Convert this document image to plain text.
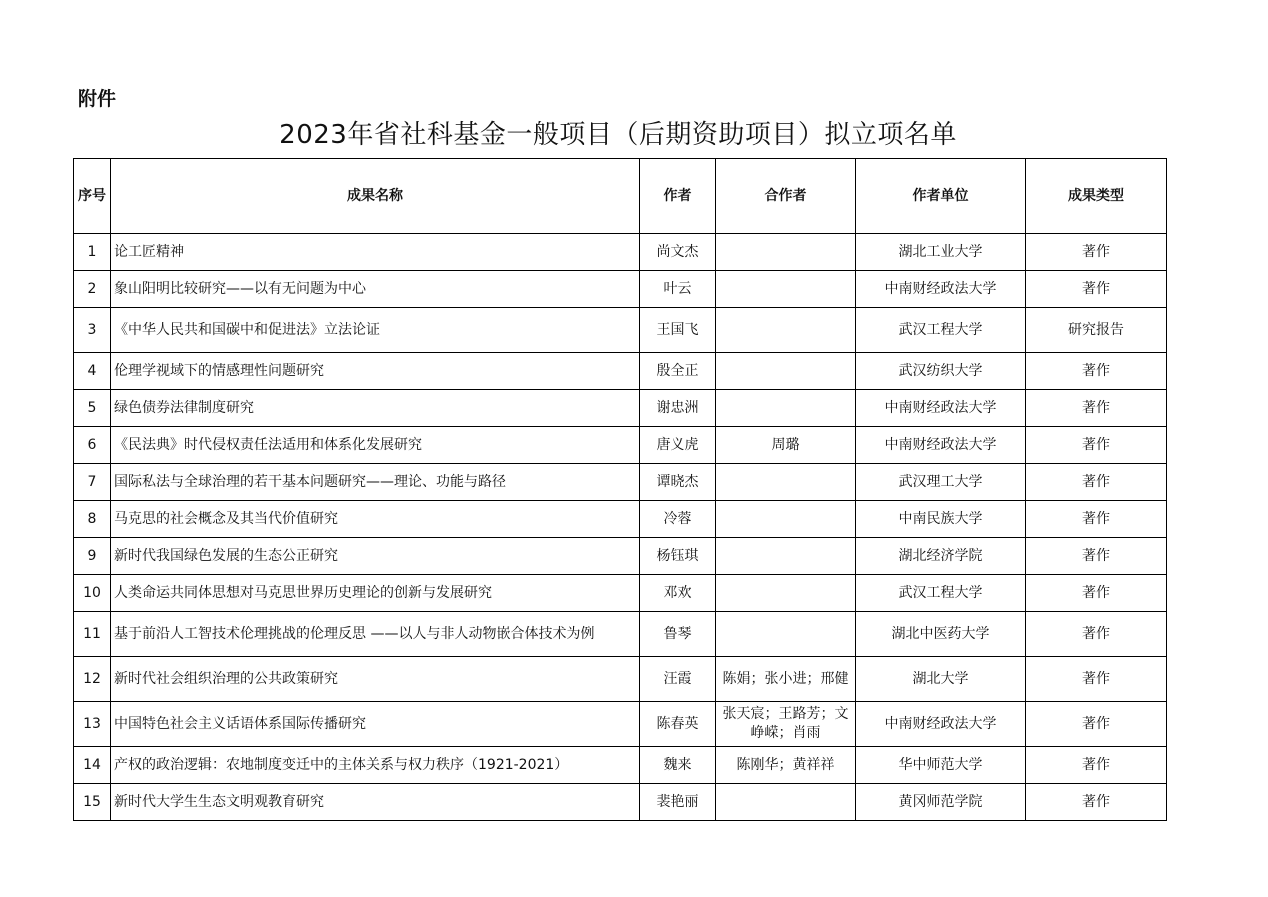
附件
2023年省社科基金一般项目（后期资助项目）拟立项名单
序号	成果名称	作者	合作者	作者单位	成果类型
1	论工匠精神	尚文杰		湖北工业大学	著作
2	象山阳明比较研究——以有无问题为中心	叶云		中南财经政法大学	著作
3	《中华人民共和国碳中和促进法》立法论证	王国飞		武汉工程大学	研究报告
4	伦理学视域下的情感理性问题研究	殷全正		武汉纺织大学	著作
5	绿色债券法律制度研究	谢忠洲		中南财经政法大学	著作
6	《民法典》时代侵权责任法适用和体系化发展研究	唐义虎	周璐	中南财经政法大学	著作
7	国际私法与全球治理的若干基本问题研究——理论、功能与路径	谭晓杰		武汉理工大学	著作
8	马克思的社会概念及其当代价值研究	冷蓉		中南民族大学	著作
9	新时代我国绿色发展的生态公正研究	杨钰琪		湖北经济学院	著作
10	人类命运共同体思想对马克思世界历史理论的创新与发展研究	邓欢		武汉工程大学	著作
11	基于前沿人工智技术伦理挑战的伦理反思 ——以人与非人动物嵌合体技术为例	鲁琴		湖北中医药大学	著作
12	新时代社会组织治理的公共政策研究	汪霞	陈娟；张小进；邢健	湖北大学	著作
13	中国特色社会主义话语体系国际传播研究	陈春英	张天宸；王路芳；文峥嵘；肖雨	中南财经政法大学	著作
14	产权的政治逻辑：农地制度变迁中的主体关系与权力秩序（1921-2021）	魏来	陈刚华；黄祥祥	华中师范大学	著作
15	新时代大学生生态文明观教育研究	裴艳丽		黄冈师范学院	著作
